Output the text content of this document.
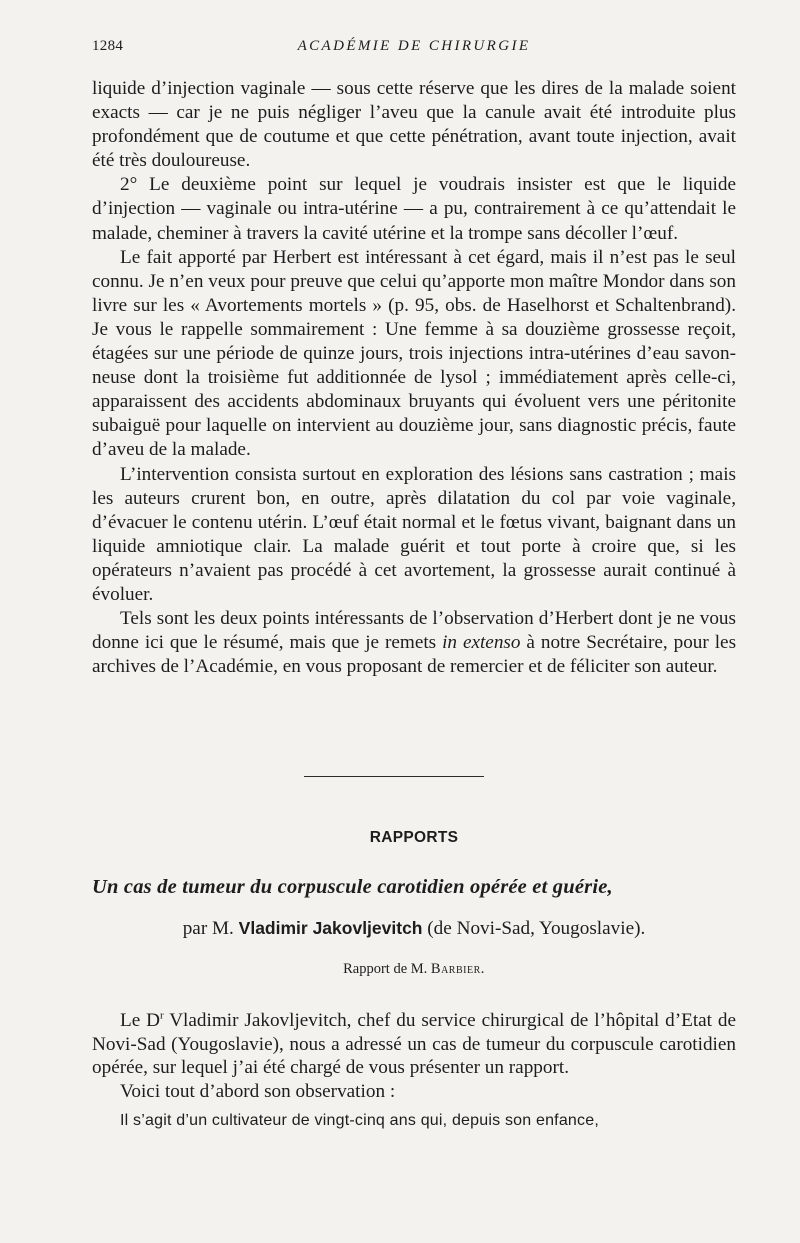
1284	ACADÉMIE DE CHIRURGIE

liquide d’injection vaginale — sous cette réserve que les dires de la malade soient exacts — car je ne puis négliger l’aveu que la canule avait été introduite plus profondément que de coutume et que cette pénétration, avant toute injection, avait été très douloureuse.

2° Le deuxième point sur lequel je voudrais insister est que le liquide d’injection — vaginale ou intra-utérine — a pu, contrairement à ce qu’attendait le malade, cheminer à travers la cavité utérine et la trompe sans décoller l’œuf.

Le fait apporté par Herbert est intéressant à cet égard, mais il n’est pas le seul connu. Je n’en veux pour preuve que celui qu’apporte mon maître Mondor dans son livre sur les « Avortements mortels » (p. 95, obs. de Haselhorst et Schaltenbrand). Je vous le rappelle sommairement : Une femme à sa douzième grossesse reçoit, étagées sur une période de quinze jours, trois injections intra-utérines d’eau savonneuse dont la troisième fut additionnée de lysol ; immédiatement après celle-ci, apparaissent des accidents abdominaux bruyants qui évoluent vers une péritonite subaiguë pour laquelle on intervient au douzième jour, sans diagnostic précis, faute d’aveu de la malade.

L’intervention consista surtout en exploration des lésions sans castration ; mais les auteurs crurent bon, en outre, après dilatation du col par voie vaginale, d’évacuer le contenu utérin. L’œuf était normal et le fœtus vivant, baignant dans un liquide amniotique clair. La malade guérit et tout porte à croire que, si les opérateurs n’avaient pas procédé à cet avortement, la grossesse aurait continué à évoluer.

Tels sont les deux points intéressants de l’observation d’Herbert dont je ne vous donne ici que le résumé, mais que je remets in extenso à notre Secrétaire, pour les archives de l’Académie, en vous proposant de remercier et de féliciter son auteur.

RAPPORTS
Un cas de tumeur du corpuscule carotidien opérée et guérie,
par M. Vladimir Jakovljevitch (de Novi-Sad, Yougoslavie).
Rapport de M. Barbier.

Le $D^r$ Vladimir Jakovljevitch, chef du service chirurgical de l’hôpital d’Etat de Novi-Sad (Yougoslavie), nous a adressé un cas de tumeur du corpuscule carotidien opérée, sur lequel j’ai été chargé de vous présenter un rapport.

Voici tout d’abord son observation :

Il s’agit d’un cultivateur de vingt-cinq ans qui, depuis son enfance,
